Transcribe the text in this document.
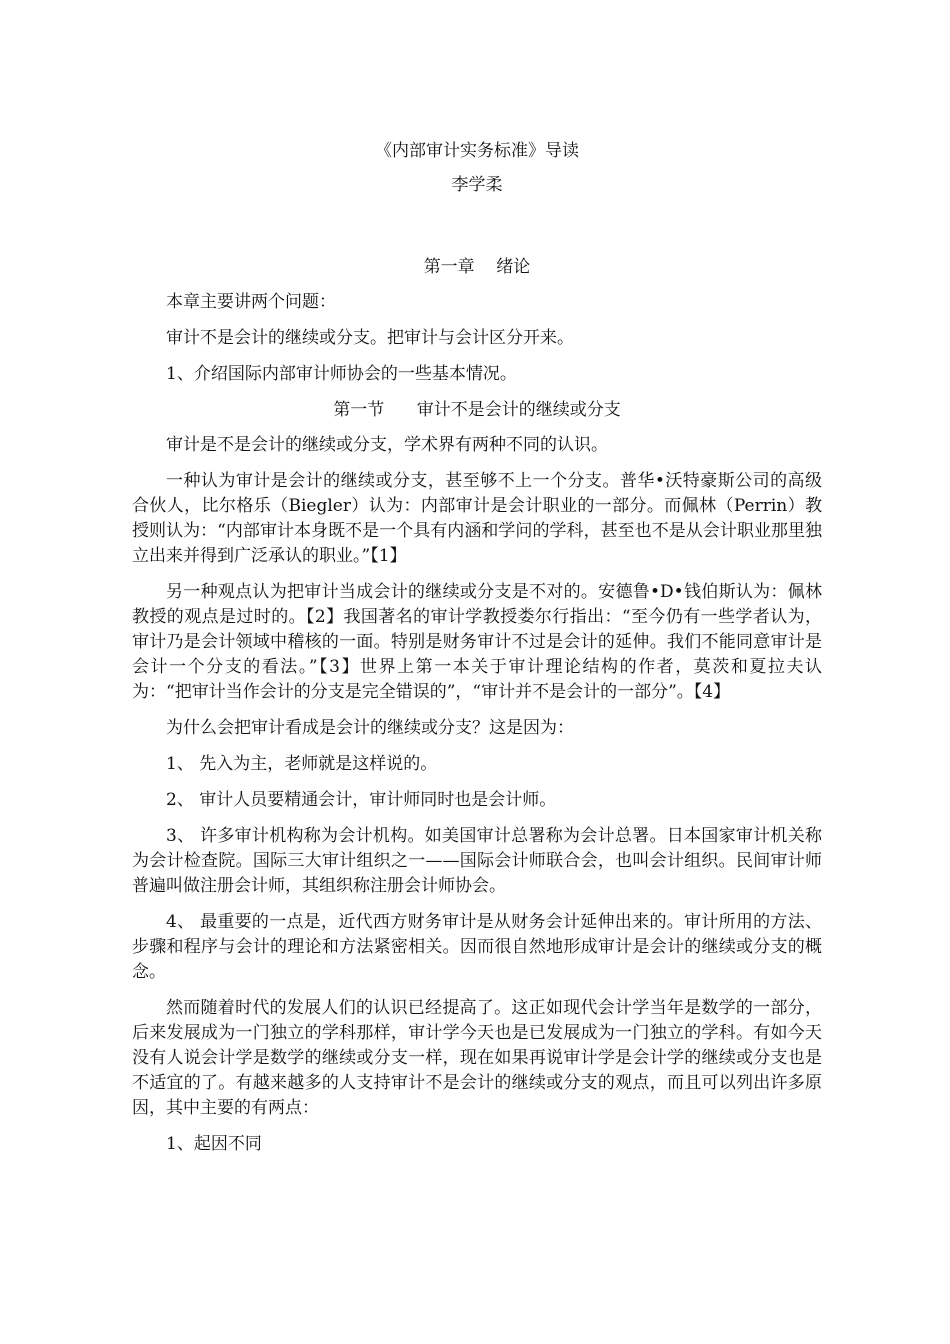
《内部审计实务标准》导读

李学柔

第一章    绪论

本章主要讲两个问题：

审计不是会计的继续或分支。把审计与会计区分开来。

1、介绍国际内部审计师协会的一些基本情况。

第一节      审计不是会计的继续或分支

审计是不是会计的继续或分支，学术界有两种不同的认识。

一种认为审计是会计的继续或分支，甚至够不上一个分支。普华•沃特豪斯公司的高级合伙人，比尔格乐（Biegler）认为：内部审计是会计职业的一部分。而佩林（Perrin）教授则认为：“内部审计本身既不是一个具有内涵和学问的学科，甚至也不是从会计职业那里独立出来并得到广泛承认的职业。”【1】

另一种观点认为把审计当成会计的继续或分支是不对的。安德鲁•D•钱伯斯认为：佩林教授的观点是过时的。【2】我国著名的审计学教授娄尔行指出：“至今仍有一些学者认为，审计乃是会计领域中稽核的一面。特别是财务审计不过是会计的延伸。我们不能同意审计是会计一个分支的看法。”【3】世界上第一本关于审计理论结构的作者，莫茨和夏拉夫认为：“把审计当作会计的分支是完全错误的”，“审计并不是会计的一部分”。【4】

为什么会把审计看成是会计的继续或分支？这是因为：

1、 先入为主，老师就是这样说的。

2、 审计人员要精通会计，审计师同时也是会计师。

3、 许多审计机构称为会计机构。如美国审计总署称为会计总署。日本国家审计机关称为会计检查院。国际三大审计组织之一——国际会计师联合会，也叫会计组织。民间审计师普遍叫做注册会计师，其组织称注册会计师协会。

4、 最重要的一点是，近代西方财务审计是从财务会计延伸出来的。审计所用的方法、步骤和程序与会计的理论和方法紧密相关。因而很自然地形成审计是会计的继续或分支的概念。

然而随着时代的发展人们的认识已经提高了。这正如现代会计学当年是数学的一部分，后来发展成为一门独立的学科那样，审计学今天也是已发展成为一门独立的学科。有如今天没有人说会计学是数学的继续或分支一样，现在如果再说审计学是会计学的继续或分支也是不适宜的了。有越来越多的人支持审计不是会计的继续或分支的观点，而且可以列出许多原因，其中主要的有两点：

1、起因不同
